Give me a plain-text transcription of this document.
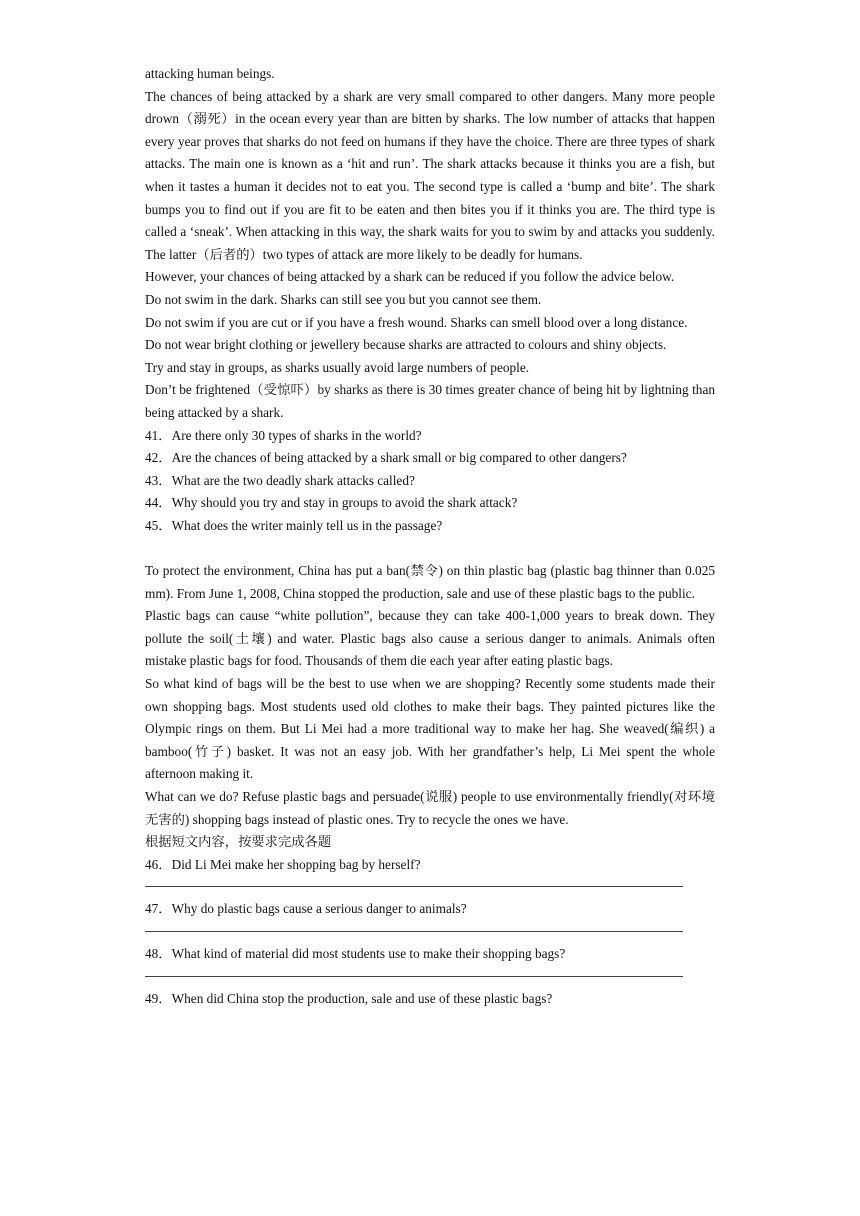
attacking human beings.

The chances of being attacked by a shark are very small compared to other dangers. Many more people drown（溺死）in the ocean every year than are bitten by sharks. The low number of attacks that happen every year proves that sharks do not feed on humans if they have the choice. There are three types of shark attacks. The main one is known as a ‘hit and run’. The shark attacks because it thinks you are a fish, but when it tastes a human it decides not to eat you. The second type is called a ‘bump and bite’. The shark bumps you to find out if you are fit to be eaten and then bites you if it thinks you are. The third type is called a ‘sneak’. When attacking in this way, the shark waits for you to swim by and attacks you suddenly. The latter（后者的）two types of attack are more likely to be deadly for humans.

However, your chances of being attacked by a shark can be reduced if you follow the advice below.

Do not swim in the dark. Sharks can still see you but you cannot see them.

Do not swim if you are cut or if you have a fresh wound. Sharks can smell blood over a long distance.

Do not wear bright clothing or jewellery because sharks are attracted to colours and shiny objects.

Try and stay in groups, as sharks usually avoid large numbers of people.

Don’t be frightened（受惊吓）by sharks as there is 30 times greater chance of being hit by lightning than being attacked by a shark.

41．Are there only 30 types of sharks in the world?

42．Are the chances of being attacked by a shark small or big compared to other dangers?

43．What are the two deadly shark attacks called?

44．Why should you try and stay in groups to avoid the shark attack?

45．What does the writer mainly tell us in the passage?

To protect the environment, China has put a ban(禁令) on thin plastic bag (plastic bag thinner than 0.025 mm). From June 1, 2008, China stopped the production, sale and use of these plastic bags to the public.

Plastic bags can cause “white pollution”, because they can take 400-1,000 years to break down. They pollute the soil(土壤) and water. Plastic bags also cause a serious danger to animals. Animals often mistake plastic bags for food. Thousands of them die each year after eating plastic bags.

So what kind of bags will be the best to use when we are shopping? Recently some students made their own shopping bags. Most students used old clothes to make their bags. They painted pictures like the Olympic rings on them. But Li Mei had a more traditional way to make her hag. She weaved(编织) a bamboo(竹子) basket. It was not an easy job. With her grandfather’s help, Li Mei spent the whole afternoon making it.

What can we do? Refuse plastic bags and persuade(说服) people to use environmentally friendly(对环境无害的) shopping bags instead of plastic ones. Try to recycle the ones we have.

根据短文内容，按要求完成各题

46．Did Li Mei make her shopping bag by herself?

47．Why do plastic bags cause a serious danger to animals?

48．What kind of material did most students use to make their shopping bags?

49．When did China stop the production, sale and use of these plastic bags?
